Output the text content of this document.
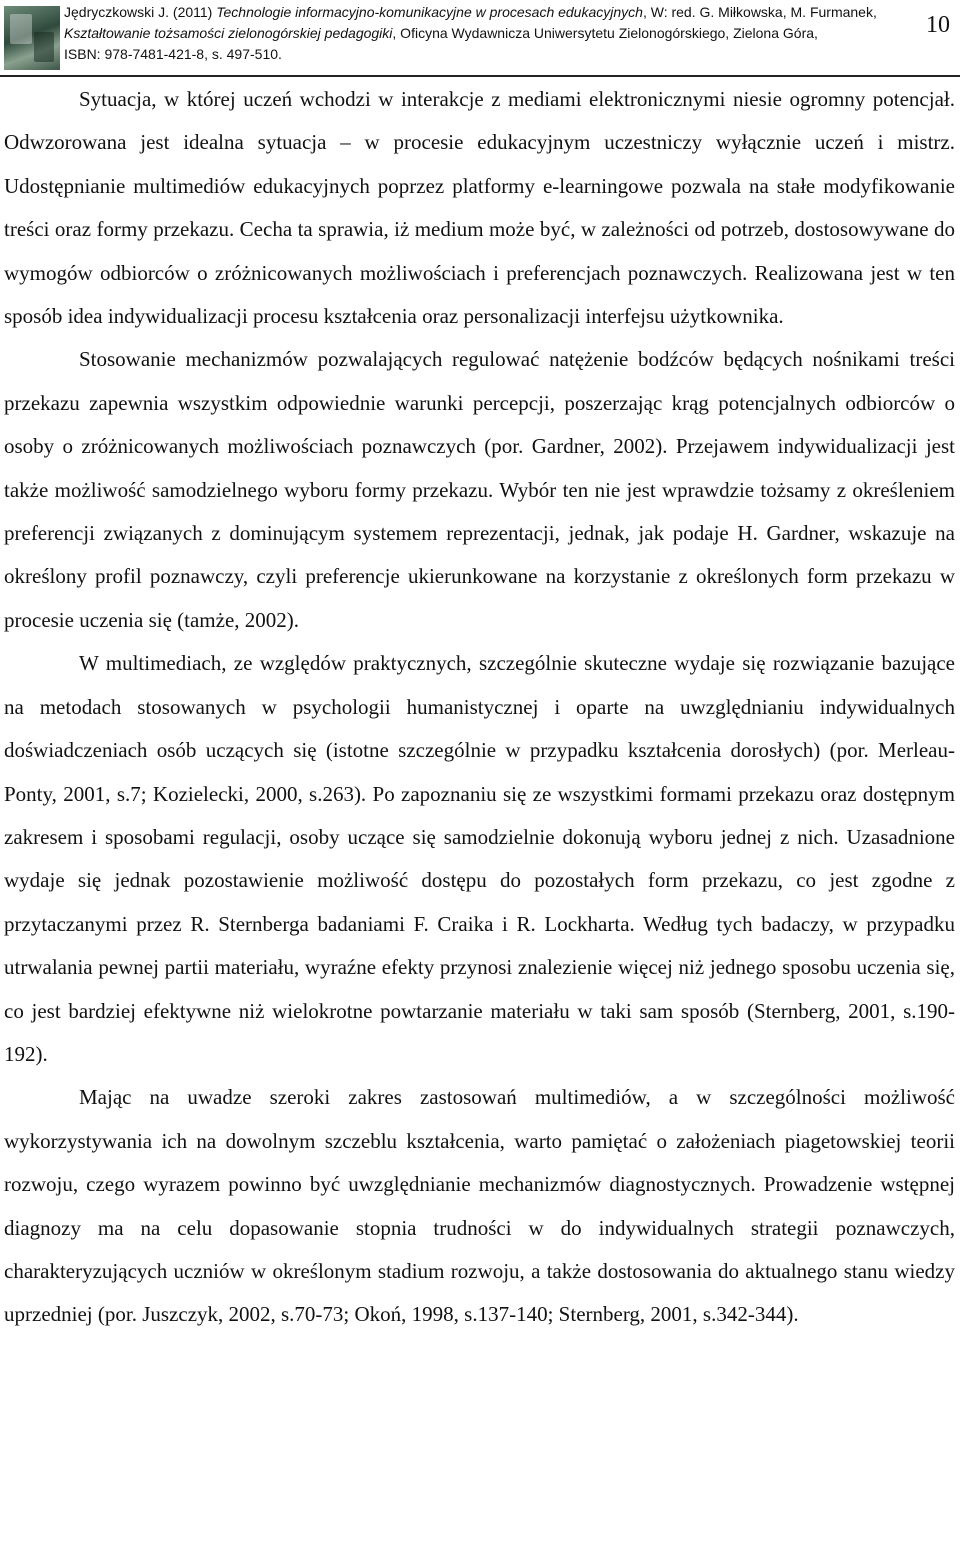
Jędryczkowski J. (2011) Technologie informacyjno-komunikacyjne w procesach edukacyjnych, W: red. G. Miłkowska, M. Furmanek,
Kształtowanie tożsamości zielonogórskiej pedagogiki, Oficyna Wydawnicza Uniwersytetu Zielonogórskiego, Zielona Góra,
ISBN: 978-7481-421-8, s. 497-510.
10

Sytuacja, w której uczeń wchodzi w interakcje z mediami elektronicznymi niesie ogromny potencjał. Odwzorowana jest idealna sytuacja – w procesie edukacyjnym uczestniczy wyłącznie uczeń i mistrz. Udostępnianie multimediów edukacyjnych poprzez platformy e-learningowe pozwala na stałe modyfikowanie treści oraz formy przekazu. Cecha ta sprawia, iż medium może być, w zależności od potrzeb, dostosowywane do wymogów odbiorców o zróżnicowanych możliwościach i preferencjach poznawczych. Realizowana jest w ten sposób idea indywidualizacji procesu kształcenia oraz personalizacji interfejsu użytkownika.

Stosowanie mechanizmów pozwalających regulować natężenie bodźców będących nośnikami treści przekazu zapewnia wszystkim odpowiednie warunki percepcji, poszerzając krąg potencjalnych odbiorców o osoby o zróżnicowanych możliwościach poznawczych (por. Gardner, 2002). Przejawem indywidualizacji jest także możliwość samodzielnego wyboru formy przekazu. Wybór ten nie jest wprawdzie tożsamy z określeniem preferencji związanych z dominującym systemem reprezentacji, jednak, jak podaje H. Gardner, wskazuje na określony profil poznawczy, czyli preferencje ukierunkowane na korzystanie z określonych form przekazu w procesie uczenia się (tamże, 2002).

W multimediach, ze względów praktycznych, szczególnie skuteczne wydaje się rozwiązanie bazujące na metodach stosowanych w psychologii humanistycznej i oparte na uwzględnianiu indywidualnych doświadczeniach osób uczących się (istotne szczególnie w przypadku kształcenia dorosłych) (por. Merleau-Ponty, 2001, s.7; Kozielecki, 2000, s.263). Po zapoznaniu się ze wszystkimi formami przekazu oraz dostępnym zakresem i sposobami regulacji, osoby uczące się samodzielnie dokonują wyboru jednej z nich. Uzasadnione wydaje się jednak pozostawienie możliwość dostępu do pozostałych form przekazu, co jest zgodne z przytaczanymi przez R. Sternberga badaniami F. Craika i R. Lockharta. Według tych badaczy, w przypadku utrwalania pewnej partii materiału, wyraźne efekty przynosi znalezienie więcej niż jednego sposobu uczenia się, co jest bardziej efektywne niż wielokrotne powtarzanie materiału w taki sam sposób (Sternberg, 2001, s.190-192).

Mając na uwadze szeroki zakres zastosowań multimediów, a w szczególności możliwość wykorzystywania ich na dowolnym szczeblu kształcenia, warto pamiętać o założeniach piagetowskiej teorii rozwoju, czego wyrazem powinno być uwzględnianie mechanizmów diagnostycznych. Prowadzenie wstępnej diagnozy ma na celu dopasowanie stopnia trudności w do indywidualnych strategii poznawczych, charakteryzujących uczniów w określonym stadium rozwoju, a także dostosowania do aktualnego stanu wiedzy uprzedniej (por. Juszczyk, 2002, s.70-73; Okoń, 1998, s.137-140; Sternberg, 2001, s.342-344).
